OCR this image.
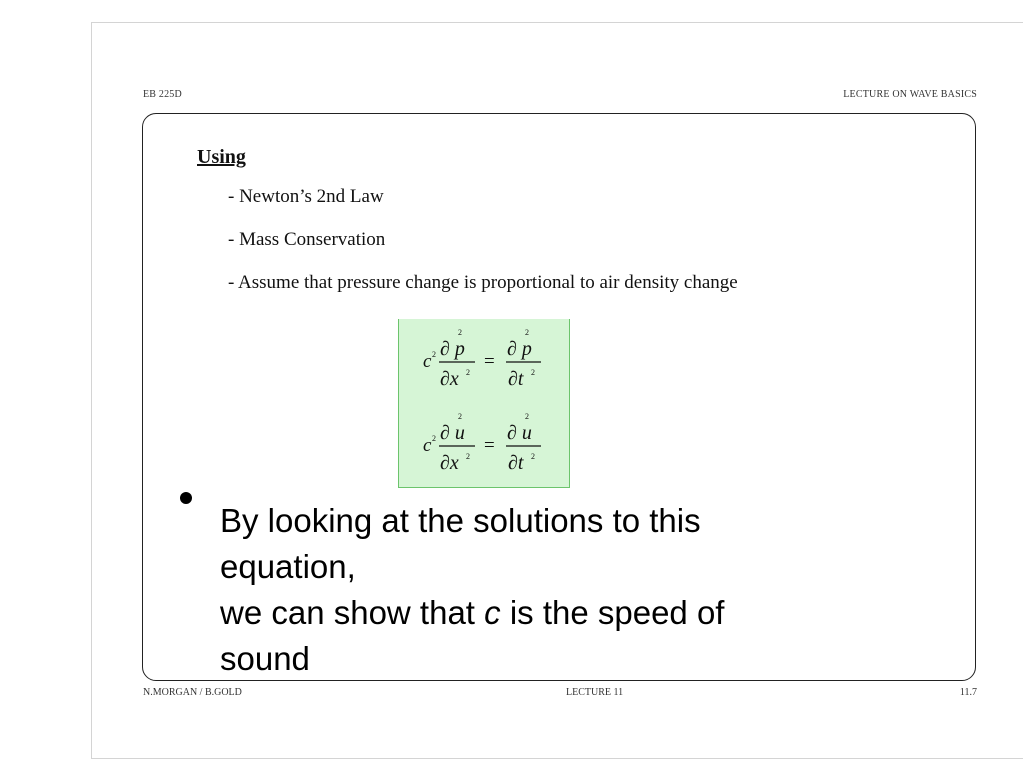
EB 225D	LECTURE ON WAVE BASICS
Using
- Newton’s 2nd Law
- Mass Conservation
- Assume that pressure change is proportional to air density change
c 2
2
∂ p
∂x 2
=
2
∂ p
∂t 2
c 2
2
∂ u
∂x 2
=
2
∂ u
∂t 2
By looking at the solutions to this
equation,
we can show that c is the speed of
sound
N.MORGAN / B.GOLD	LECTURE 11	11.7
